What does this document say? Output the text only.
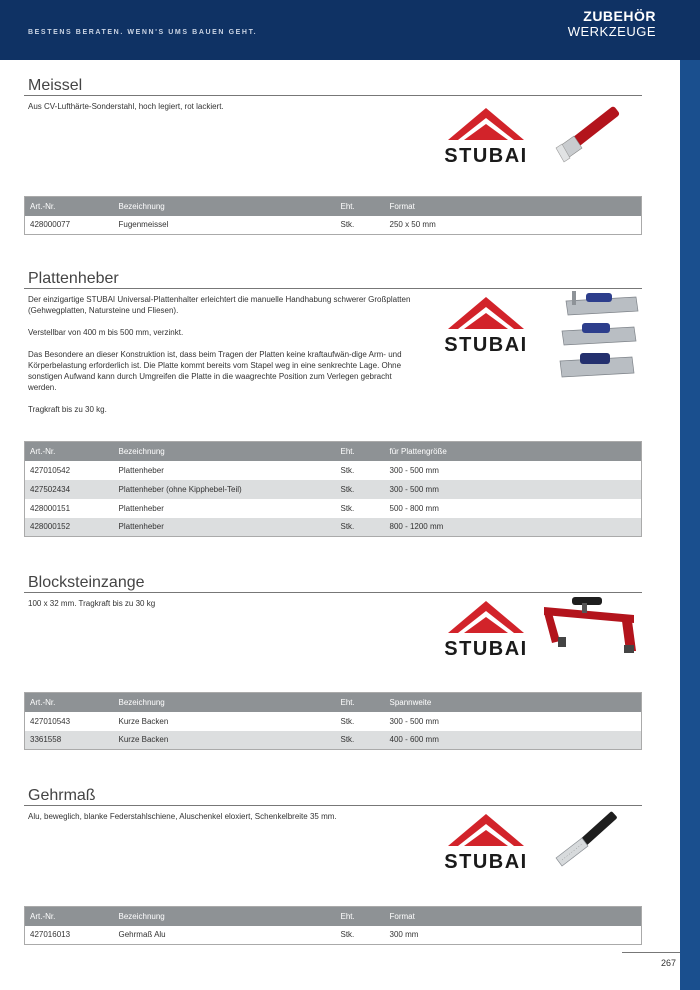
BESTENS BERATEN. WENN'S UMS BAUEN GEHT.
ZUBEHÖR
WERKZEUGE
Meissel

Aus CV-Lufthärte-Sonderstahl, hoch legiert, rot lackiert.

Art.-Nr.	Bezeichnung	Eht.	Format
428000077	Fugenmeissel	Stk.	250 x 50 mm
Plattenheber

Der einzigartige STUBAI Universal-Plattenhalter erleichtert die manuelle Handhabung schwerer Großplatten (Gehwegplatten, Natursteine und Fliesen).

Verstellbar von 400 m bis 500 mm, verzinkt.

Das Besondere an dieser Konstruktion ist, dass beim Tragen der Platten keine kraftaufwän-dige Arm- und Körperbelastung erforderlich ist. Die Platte kommt bereits vom Stapel weg in eine senkrechte Lage. Ohne sonstigen Aufwand kann durch Umgreifen die Platte in die waagrechte Position zum Verlegen gebracht werden.

Tragkraft bis zu 30 kg.

Art.-Nr.	Bezeichnung	Eht.	für Plattengröße
427010542	Plattenheber	Stk.	300 - 500 mm
427502434	Plattenheber (ohne Kipphebel-Teil)	Stk.	300 - 500 mm
428000151	Plattenheber	Stk.	500 - 800 mm
428000152	Plattenheber	Stk.	800 - 1200 mm
Blocksteinzange

100 x 32 mm. Tragkraft bis zu 30 kg

Art.-Nr.	Bezeichnung	Eht.	Spannweite
427010543	Kurze Backen	Stk.	300 - 500 mm
3361558	Kurze Backen	Stk.	400 - 600 mm
Gehrmaß

Alu, beweglich, blanke Federstahlschiene, Aluschenkel eloxiert, Schenkelbreite 35 mm.

Art.-Nr.	Bezeichnung	Eht.	Format
427016013	Gehrmaß Alu	Stk.	300 mm
267
